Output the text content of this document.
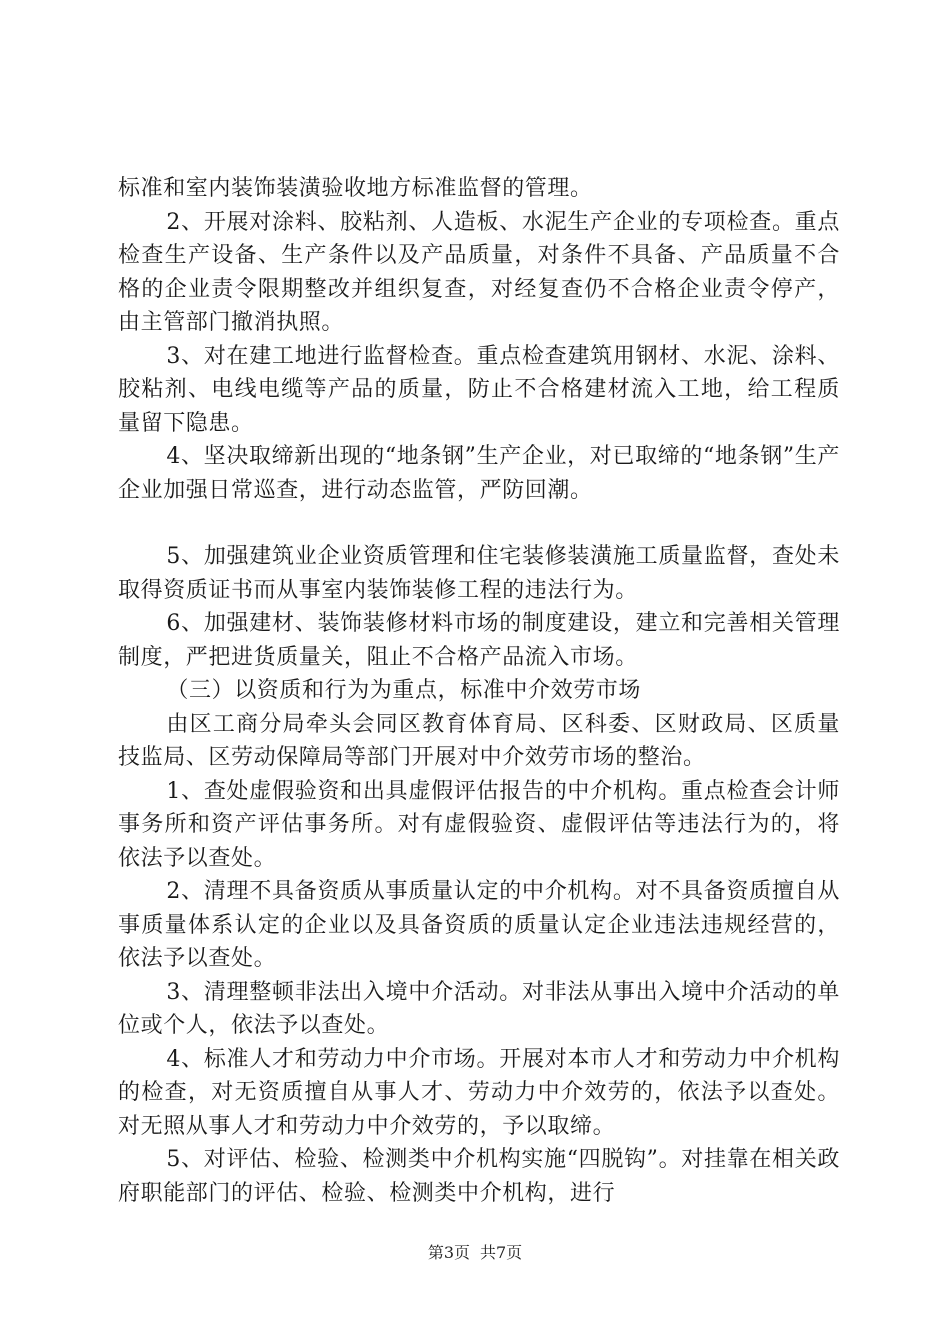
标准和室内装饰装潢验收地方标准监督的管理。

2、开展对涂料、胶粘剂、人造板、水泥生产企业的专项检查。重点检查生产设备、生产条件以及产品质量，对条件不具备、产品质量不合格的企业责令限期整改并组织复查，对经复查仍不合格企业责令停产，由主管部门撤消执照。

3、对在建工地进行监督检查。重点检查建筑用钢材、水泥、涂料、胶粘剂、电线电缆等产品的质量，防止不合格建材流入工地，给工程质量留下隐患。

4、坚决取缔新出现的“地条钢”生产企业，对已取缔的“地条钢”生产企业加强日常巡查，进行动态监管，严防回潮。

5、加强建筑业企业资质管理和住宅装修装潢施工质量监督，查处未取得资质证书而从事室内装饰装修工程的违法行为。

6、加强建材、装饰装修材料市场的制度建设，建立和完善相关管理制度，严把进货质量关，阻止不合格产品流入市场。

（三）以资质和行为为重点，标准中介效劳市场

由区工商分局牵头会同区教育体育局、区科委、区财政局、区质量技监局、区劳动保障局等部门开展对中介效劳市场的整治。

1、查处虚假验资和出具虚假评估报告的中介机构。重点检查会计师事务所和资产评估事务所。对有虚假验资、虚假评估等违法行为的，将依法予以查处。

2、清理不具备资质从事质量认定的中介机构。对不具备资质擅自从事质量体系认定的企业以及具备资质的质量认定企业违法违规经营的，依法予以查处。

3、清理整顿非法出入境中介活动。对非法从事出入境中介活动的单位或个人，依法予以查处。

4、标准人才和劳动力中介市场。开展对本市人才和劳动力中介机构的检查，对无资质擅自从事人才、劳动力中介效劳的，依法予以查处。对无照从事人才和劳动力中介效劳的，予以取缔。

5、对评估、检验、检测类中介机构实施“四脱钩”。对挂靠在相关政府职能部门的评估、检验、检测类中介机构，进行

第3页 共7页
